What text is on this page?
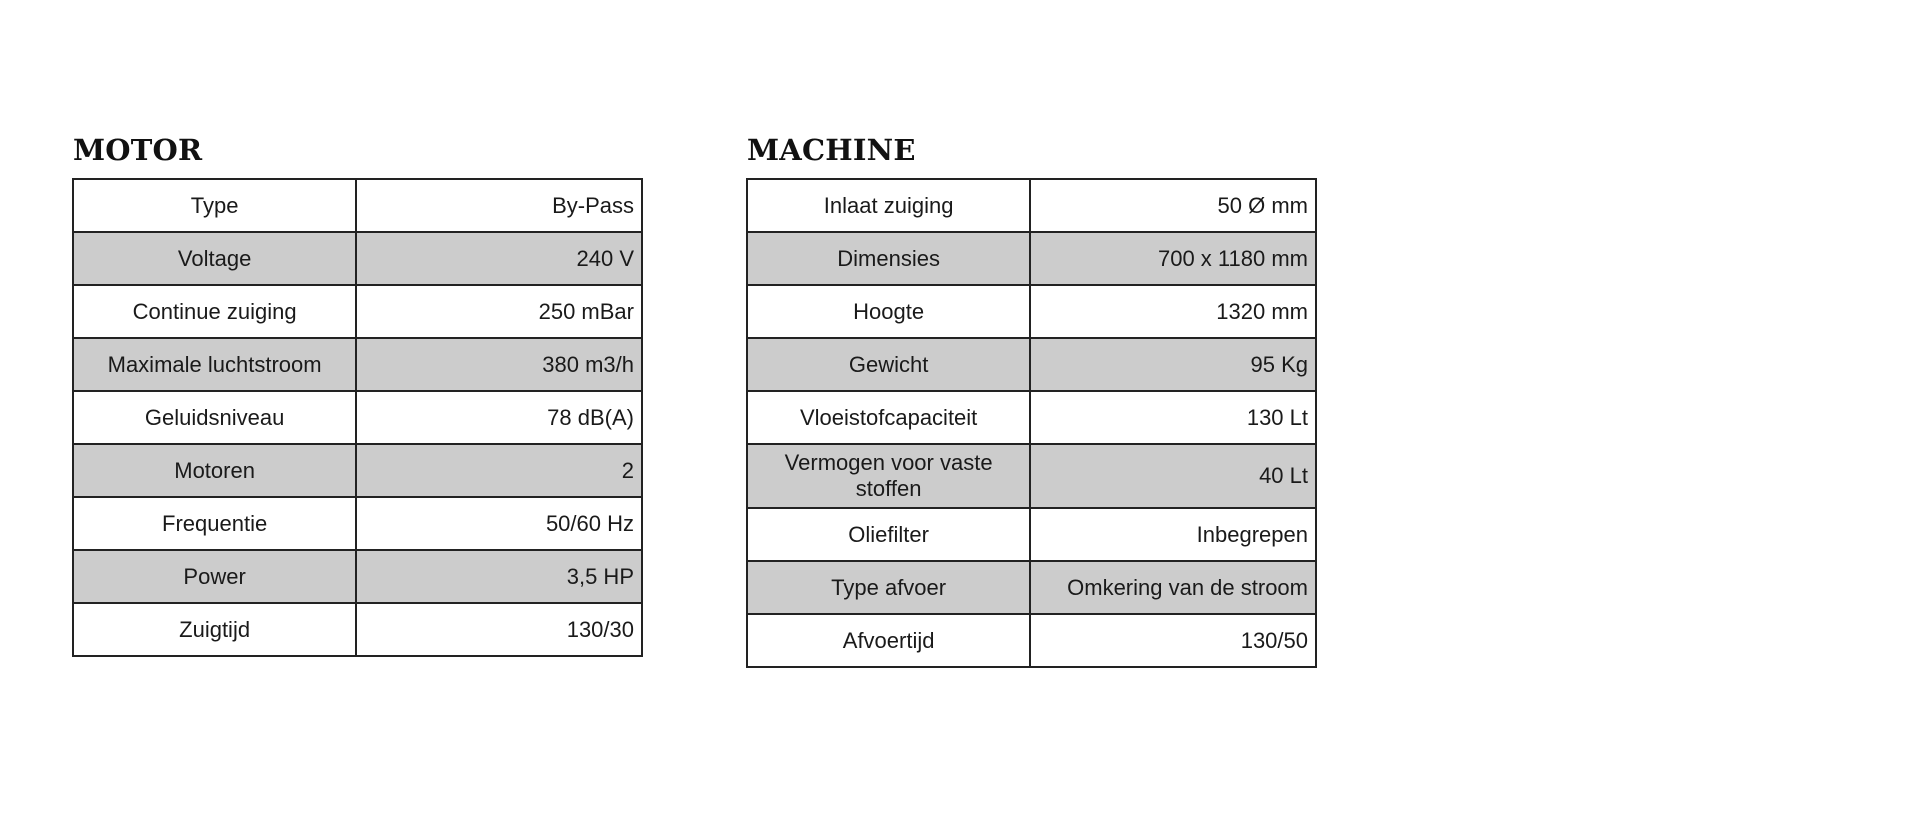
MOTOR
Type	By-Pass
Voltage	240 V
Continue zuiging	250 mBar
Maximale luchtstroom	380 m3/h
Geluidsniveau	78 dB(A)
Motoren	2
Frequentie	50/60 Hz
Power	3,5 HP
Zuigtijd	130/30
MACHINE
Inlaat zuiging	50 Ø mm
Dimensies	700 x 1180 mm
Hoogte	1320 mm
Gewicht	95 Kg
Vloeistofcapaciteit	130 Lt
Vermogen voor vaste stoffen	40 Lt
Oliefilter	Inbegrepen
Type afvoer	Omkering van de stroom
Afvoertijd	130/50
